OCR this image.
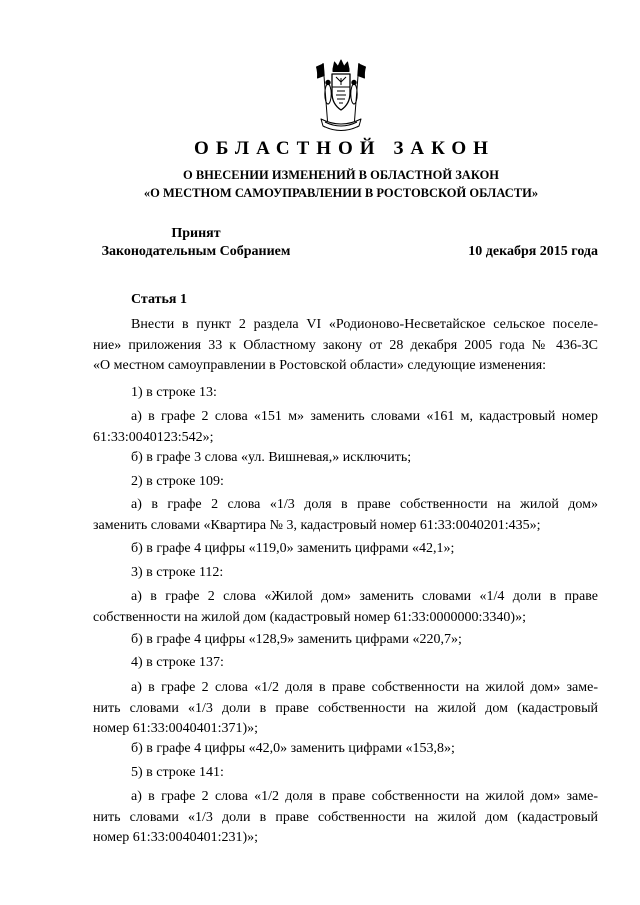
ОБЛАСТНОЙ ЗАКОН
О ВНЕСЕНИИ ИЗМЕНЕНИЙ В ОБЛАСТНОЙ ЗАКОН
«О МЕСТНОМ САМОУПРАВЛЕНИИ В РОСТОВСКОЙ ОБЛАСТИ»
Принят
Законодательным Собранием	10 декабря 2015 года
Статья 1
Внести в пункт 2 раздела VI «Родионово-Несветайское сельское поселе-
ние» приложения 33 к Областному закону от 28 декабря 2005 года № 436-ЗС
«О местном самоуправлении в Ростовской области» следующие изменения:
1) в строке 13:
а) в графе 2 слова «151 м» заменить словами «161 м, кадастровый номер
61:33:0040123:542»;
б) в графе 3 слова «ул. Вишневая,» исключить;
2) в строке 109:
а) в графе 2 слова «1/3 доля в праве собственности на жилой дом»
заменить словами «Квартира № 3, кадастровый номер 61:33:0040201:435»;
б) в графе 4 цифры «119,0» заменить цифрами «42,1»;
3) в строке 112:
а) в графе 2 слова «Жилой дом» заменить словами «1/4 доли в праве
собственности на жилой дом (кадастровый номер 61:33:0000000:3340)»;
б) в графе 4 цифры «128,9» заменить цифрами «220,7»;
4) в строке 137:
а) в графе 2 слова «1/2 доля в праве собственности на жилой дом» заме-
нить словами «1/3 доли в праве собственности на жилой дом (кадастровый
номер 61:33:0040401:371)»;
б) в графе 4 цифры «42,0» заменить цифрами «153,8»;
5) в строке 141:
а) в графе 2 слова «1/2 доля в праве собственности на жилой дом» заме-
нить словами «1/3 доли в праве собственности на жилой дом (кадастровый
номер 61:33:0040401:231)»;
